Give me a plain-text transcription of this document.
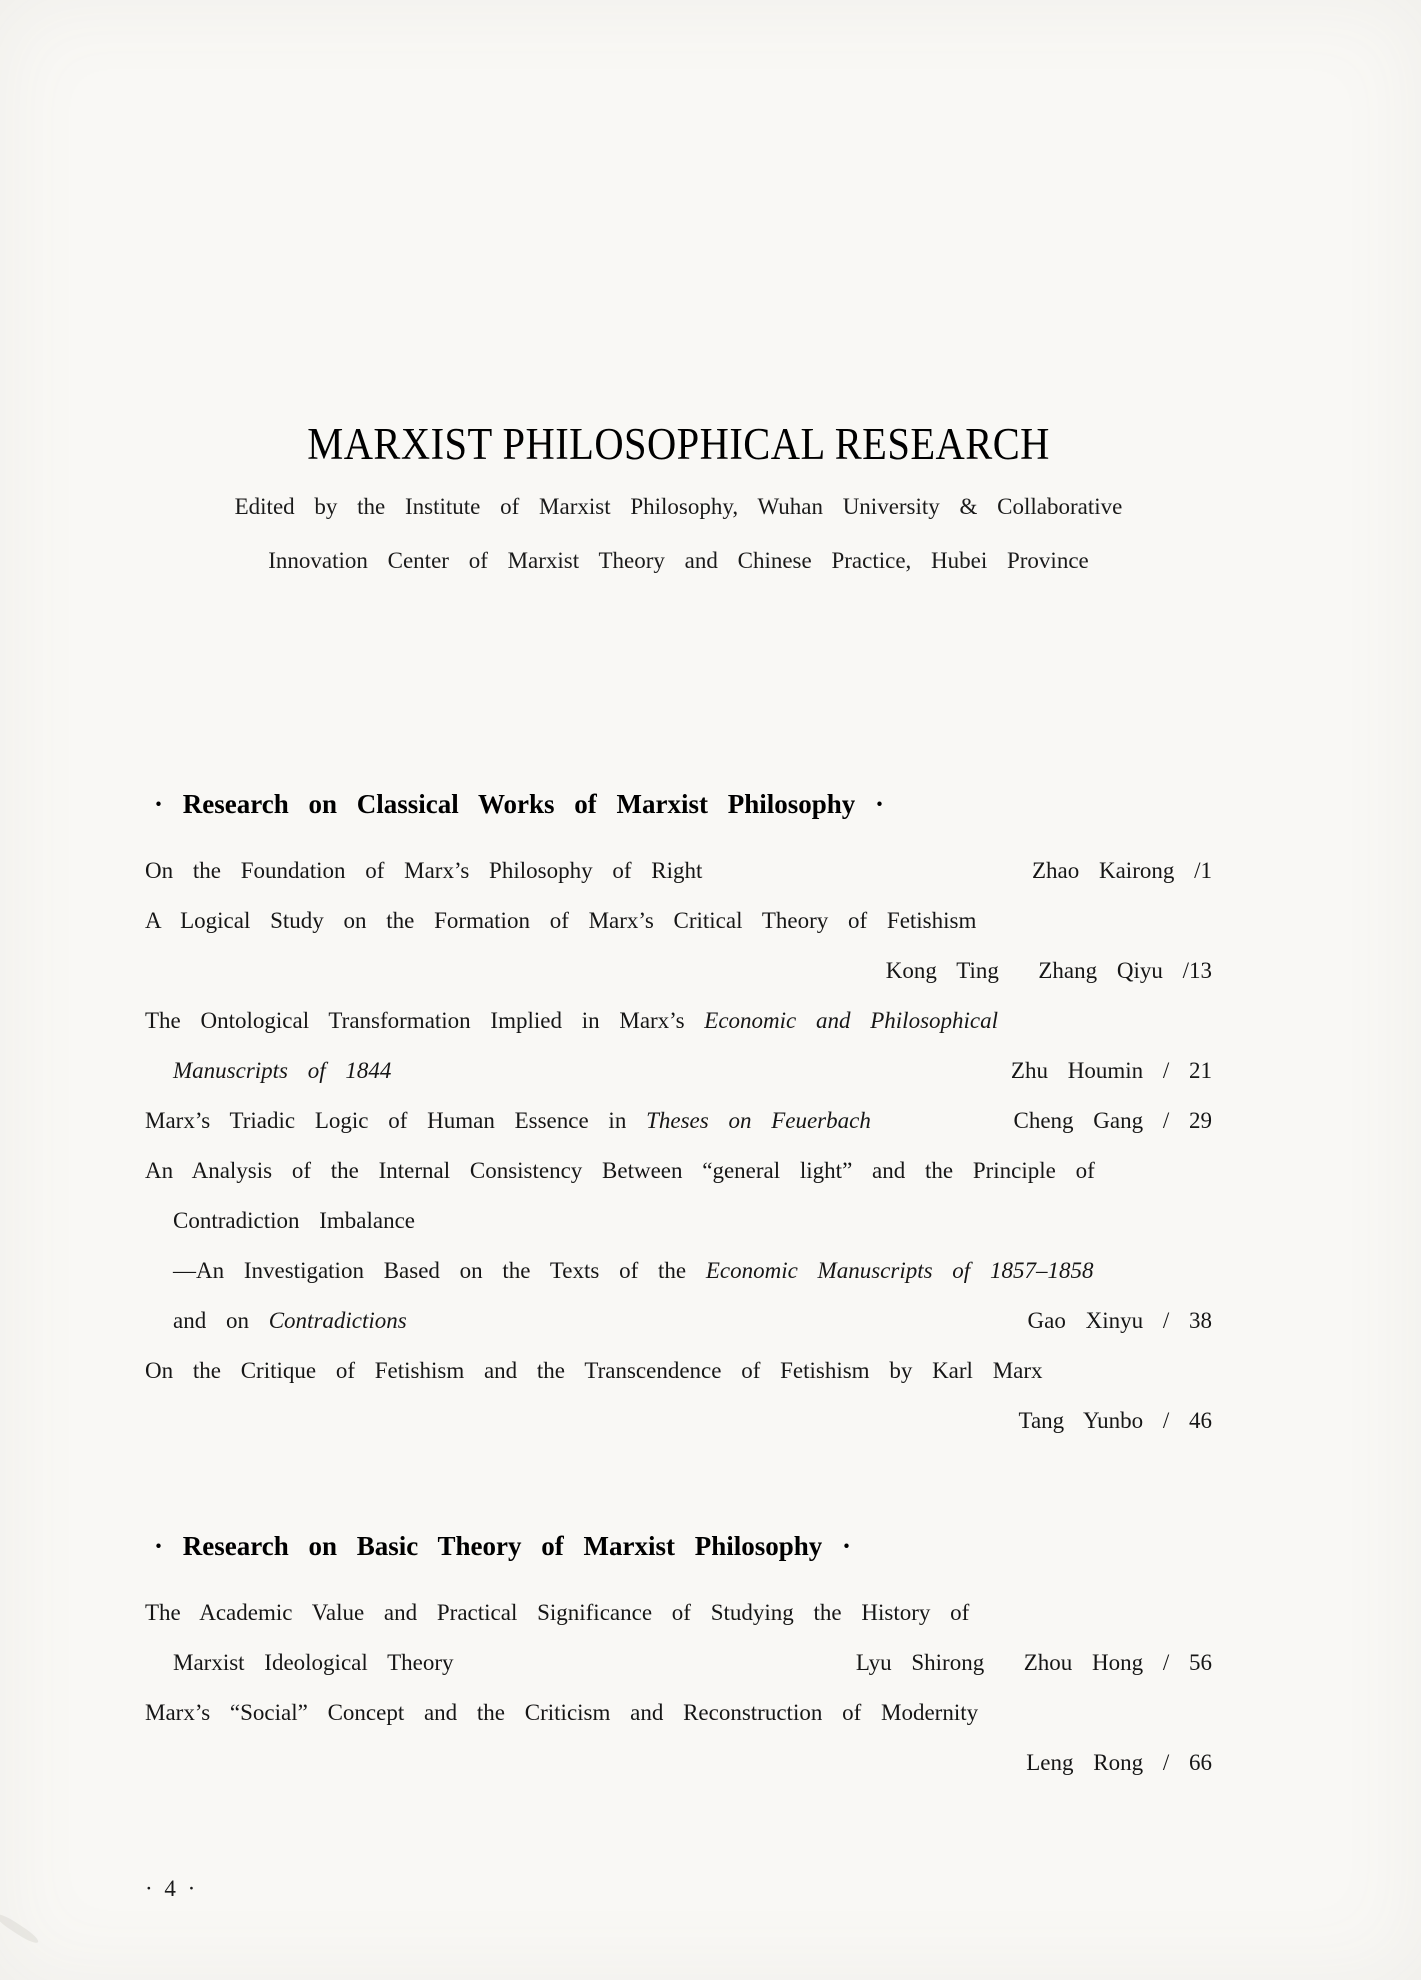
MARXIST PHILOSOPHICAL RESEARCH
Edited by the Institute of Marxist Philosophy, Wuhan University & Collaborative
Innovation Center of Marxist Theory and Chinese Practice, Hubei Province
· Research on Classical Works of Marxist Philosophy ·
On the Foundation of Marx’s Philosophy of Right	Zhao Kairong /1
A Logical Study on the Formation of Marx’s Critical Theory of Fetishism
Kong Ting  Zhang Qiyu /13
The Ontological Transformation Implied in Marx’s Economic and Philosophical
Manuscripts of 1844	Zhu Houmin / 21
Marx’s Triadic Logic of Human Essence in Theses on Feuerbach	Cheng Gang / 29
An Analysis of the Internal Consistency Between “general light” and the Principle of
Contradiction Imbalance
—An Investigation Based on the Texts of the Economic Manuscripts of 1857–1858
and on Contradictions	Gao Xinyu / 38
On the Critique of Fetishism and the Transcendence of Fetishism by Karl Marx
Tang Yunbo / 46
· Research on Basic Theory of Marxist Philosophy ·
The Academic Value and Practical Significance of Studying the History of
Marxist Ideological Theory	Lyu Shirong  Zhou Hong / 56
Marx’s “Social” Concept and the Criticism and Reconstruction of Modernity
Leng Rong / 66
· 4 ·
